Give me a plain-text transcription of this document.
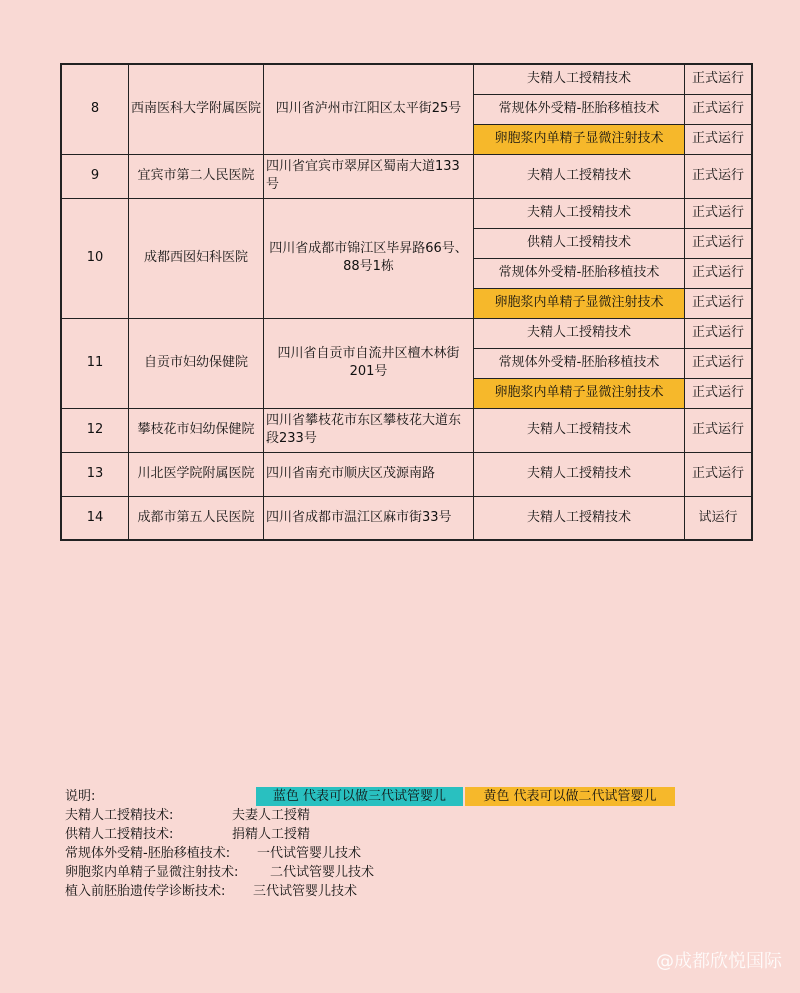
8	西南医科大学附属医院	四川省泸州市江阳区太平街25号	夫精人工授精技术	正式运行
			常规体外受精-胚胎移植技术	正式运行
			卵胞浆内单精子显微注射技术	正式运行
9	宜宾市第二人民医院	四川省宜宾市翠屏区蜀南大道133号	夫精人工授精技术	正式运行
10	成都西囡妇科医院	四川省成都市锦江区毕昇路66号、88号1栋	夫精人工授精技术	正式运行
			供精人工授精技术	正式运行
			常规体外受精-胚胎移植技术	正式运行
			卵胞浆内单精子显微注射技术	正式运行
11	自贡市妇幼保健院	四川省自贡市自流井区檀木林街201号	夫精人工授精技术	正式运行
			常规体外受精-胚胎移植技术	正式运行
			卵胞浆内单精子显微注射技术	正式运行
12	攀枝花市妇幼保健院	四川省攀枝花市东区攀枝花大道东段233号	夫精人工授精技术	正式运行
13	川北医学院附属医院	四川省南充市顺庆区茂源南路	夫精人工授精技术	正式运行
14	成都市第五人民医院	四川省成都市温江区麻市街33号	夫精人工授精技术	试运行
说明:	蓝色 代表可以做三代试管婴儿	黄色 代表可以做二代试管婴儿
夫精人工授精技术:	夫妻人工授精
供精人工授精技术:	捐精人工授精
常规体外受精-胚胎移植技术: 一代试管婴儿技术
卵胞浆内单精子显微注射技术: 二代试管婴儿技术
植入前胚胎遗传学诊断技术: 三代试管婴儿技术
@成都欣悦国际
